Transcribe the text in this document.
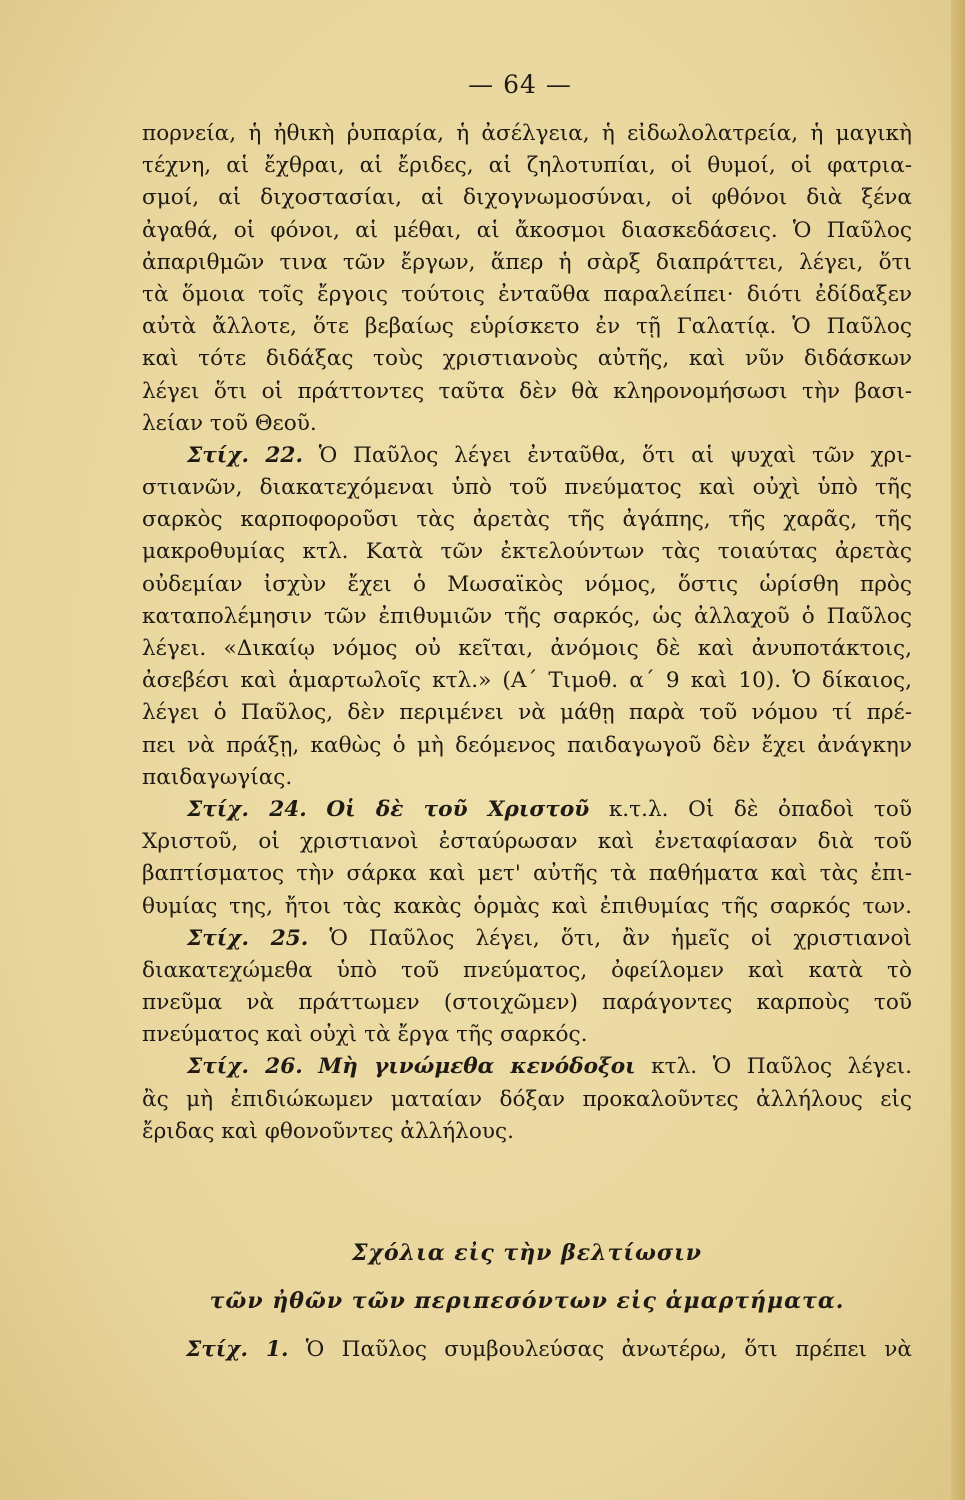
— 64 —
πορνεία, ἡ ἠθικὴ ῥυπαρία, ἡ ἀσέλγεια, ἡ εἰδωλολατρεία, ἡ μαγικὴ
τέχνη, αἱ ἔχθραι, αἱ ἔριδες, αἱ ζηλοτυπίαι, οἱ θυμοί, οἱ φατρια-
σμοί, αἱ διχοστασίαι, αἱ διχογνωμοσύναι, οἱ φθόνοι διὰ ξένα
ἀγαθά, οἱ φόνοι, αἱ μέθαι, αἱ ἄκοσμοι διασκεδάσεις. Ὁ Παῦλος
ἀπαριθμῶν τινα τῶν ἔργων, ἅπερ ἡ σὰρξ διαπράττει, λέγει, ὅτι
τὰ ὅμοια τοῖς ἔργοις τούτοις ἐνταῦθα παραλείπει· διότι ἐδίδαξεν
αὐτὰ ἄλλοτε, ὅτε βεβαίως εὑρίσκετο ἐν τῇ Γαλατίᾳ. Ὁ Παῦλος
καὶ τότε διδάξας τοὺς χριστιανοὺς αὐτῆς, καὶ νῦν διδάσκων
λέγει ὅτι οἱ πράττοντες ταῦτα δὲν θὰ κληρονομήσωσι τὴν βασι-
λείαν τοῦ Θεοῦ.
Στίχ. 22. Ὁ Παῦλος λέγει ἐνταῦθα, ὅτι αἱ ψυχαὶ τῶν χρι-
στιανῶν, διακατεχόμεναι ὑπὸ τοῦ πνεύματος καὶ οὐχὶ ὑπὸ τῆς
σαρκὸς καρποφοροῦσι τὰς ἀρετὰς τῆς ἀγάπης, τῆς χαρᾶς, τῆς
μακροθυμίας κτλ. Κατὰ τῶν ἐκτελούντων τὰς τοιαύτας ἀρετὰς
οὐδεμίαν ἰσχὺν ἔχει ὁ Μωσαϊκὸς νόμος, ὅστις ὡρίσθη πρὸς
καταπολέμησιν τῶν ἐπιθυμιῶν τῆς σαρκός, ὡς ἀλλαχοῦ ὁ Παῦλος
λέγει. «Δικαίῳ νόμος οὐ κεῖται, ἀνόμοις δὲ καὶ ἀνυποτάκτοις,
ἀσεβέσι καὶ ἁμαρτωλοῖς κτλ.» (Α΄ Τιμοθ. α΄ 9 καὶ 10). Ὁ δίκαιος,
λέγει ὁ Παῦλος, δὲν περιμένει νὰ μάθῃ παρὰ τοῦ νόμου τί πρέ-
πει νὰ πράξῃ, καθὼς ὁ μὴ δεόμενος παιδαγωγοῦ δὲν ἔχει ἀνάγκην
παιδαγωγίας.
Στίχ. 24. Οἱ δὲ τοῦ Χριστοῦ κ.τ.λ. Οἱ δὲ ὀπαδοὶ τοῦ
Χριστοῦ, οἱ χριστιανοὶ ἐσταύρωσαν καὶ ἐνεταφίασαν διὰ τοῦ
βαπτίσματος τὴν σάρκα καὶ μετ' αὐτῆς τὰ παθήματα καὶ τὰς ἐπι-
θυμίας της, ἤτοι τὰς κακὰς ὁρμὰς καὶ ἐπιθυμίας τῆς σαρκός των.
Στίχ. 25. Ὁ Παῦλος λέγει, ὅτι, ἂν ἡμεῖς οἱ χριστιανοὶ
διακατεχώμεθα ὑπὸ τοῦ πνεύματος, ὀφείλομεν καὶ κατὰ τὸ
πνεῦμα νὰ πράττωμεν (στοιχῶμεν) παράγοντες καρποὺς τοῦ
πνεύματος καὶ οὐχὶ τὰ ἔργα τῆς σαρκός.
Στίχ. 26. Μὴ γινώμεθα κενόδοξοι κτλ. Ὁ Παῦλος λέγει.
ἂς μὴ ἐπιδιώκωμεν ματαίαν δόξαν προκαλοῦντες ἀλλήλους εἰς
ἔριδας καὶ φθονοῦντες ἀλλήλους.
Σχόλια εἰς τὴν βελτίωσιν
τῶν ἠθῶν τῶν περιπεσόντων εἰς ἁμαρτήματα.
Στίχ. 1. Ὁ Παῦλος συμβουλεύσας ἀνωτέρω, ὅτι πρέπει νὰ
